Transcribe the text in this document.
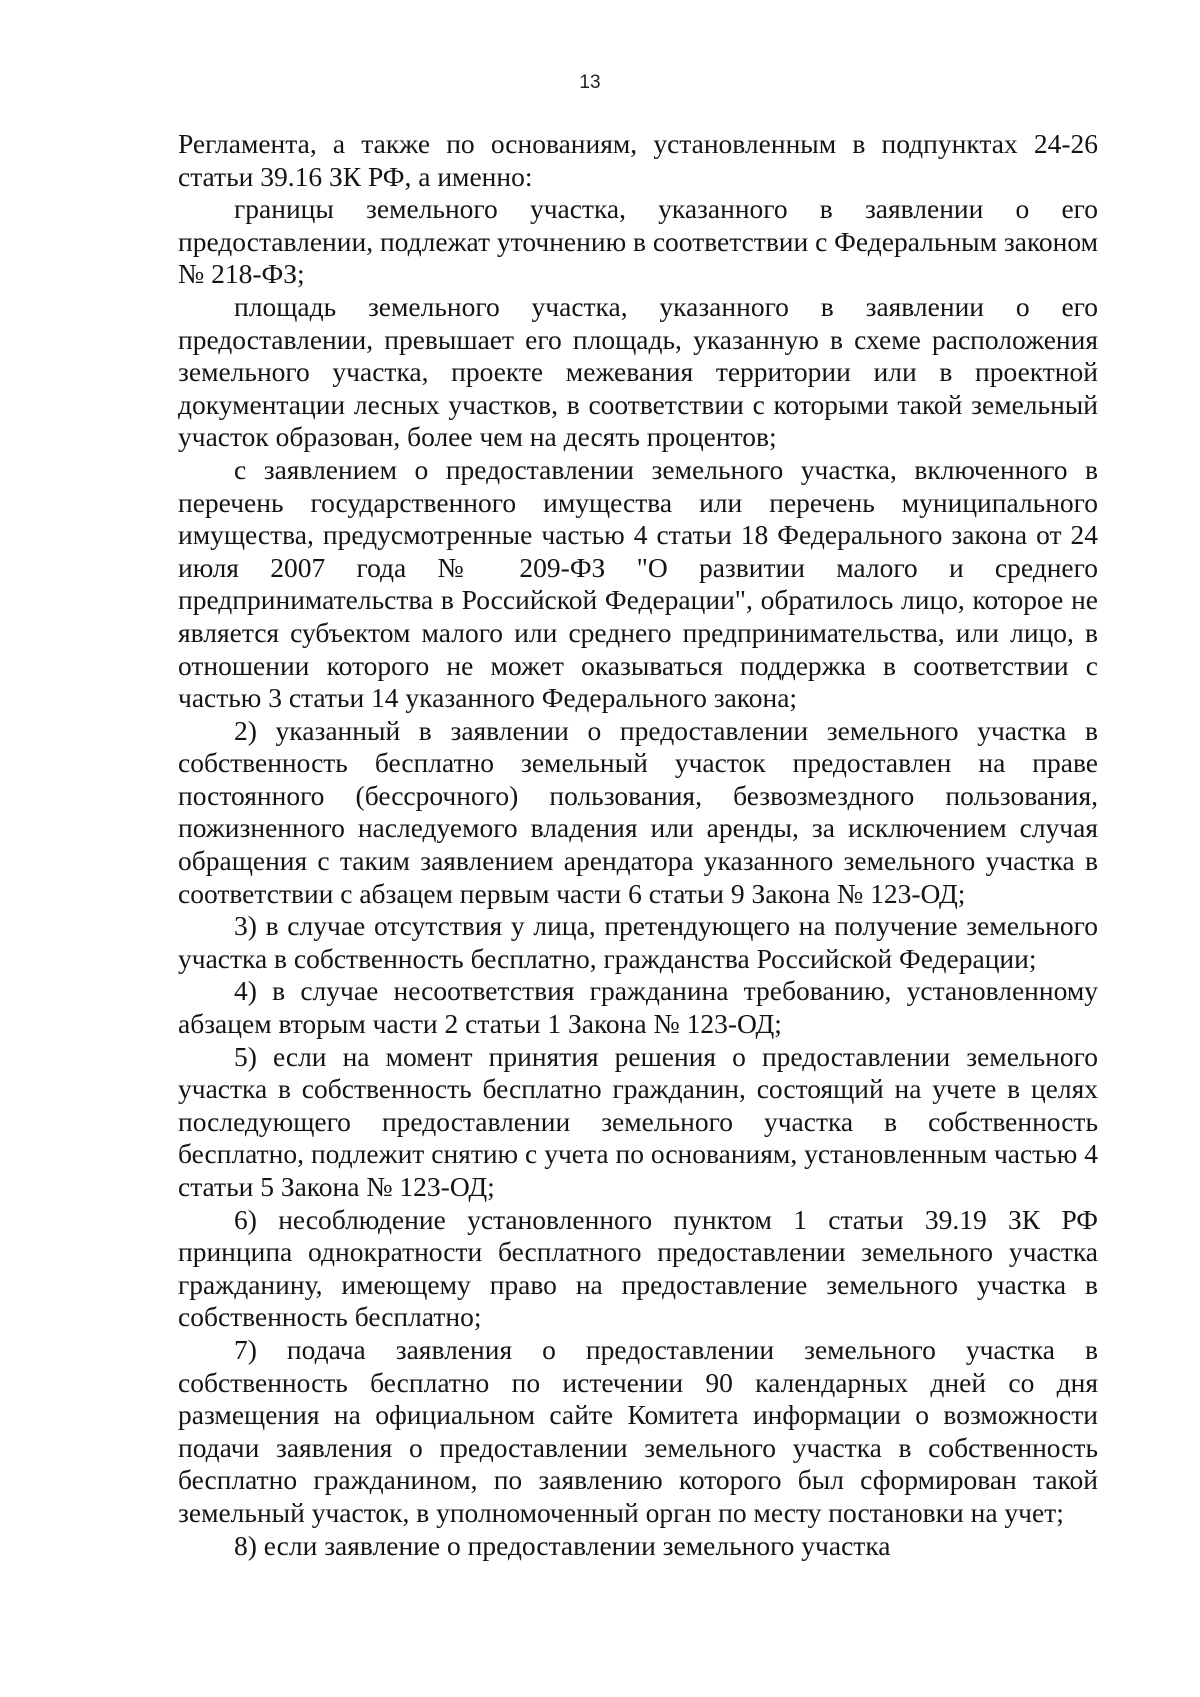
13

Регламента, а также по основаниям, установленным в подпунктах 24-26 статьи 39.16 ЗК РФ, а именно:

границы земельного участка, указанного в заявлении о его предоставлении, подлежат уточнению в соответствии с Федеральным законом № 218-ФЗ;

площадь земельного участка, указанного в заявлении о его предоставлении, превышает его площадь, указанную в схеме расположения земельного участка, проекте межевания территории или в проектной документации лесных участков, в соответствии с которыми такой земельный участок образован, более чем на десять процентов;

с заявлением о предоставлении земельного участка, включенного в перечень государственного имущества или перечень муниципального имущества, предусмотренные частью 4 статьи 18 Федерального закона от 24 июля 2007 года № 209-ФЗ "О развитии малого и среднего предпринимательства в Российской Федерации", обратилось лицо, которое не является субъектом малого или среднего предпринимательства, или лицо, в отношении которого не может оказываться поддержка в соответствии с частью 3 статьи 14 указанного Федерального закона;

2) указанный в заявлении о предоставлении земельного участка в собственность бесплатно земельный участок предоставлен на праве постоянного (бессрочного) пользования, безвозмездного пользования, пожизненного наследуемого владения или аренды, за исключением случая обращения с таким заявлением арендатора указанного земельного участка в соответствии с абзацем первым части 6 статьи 9 Закона № 123-ОД;

3) в случае отсутствия у лица, претендующего на получение земельного участка в собственность бесплатно, гражданства Российской Федерации;

4) в случае несоответствия гражданина требованию, установленному абзацем вторым части 2 статьи 1 Закона № 123-ОД;

5) если на момент принятия решения о предоставлении земельного участка в собственность бесплатно гражданин, состоящий на учете в целях последующего предоставлении земельного участка в собственность бесплатно, подлежит снятию с учета по основаниям, установленным частью 4 статьи 5 Закона № 123-ОД;

6) несоблюдение установленного пунктом 1 статьи 39.19 ЗК РФ принципа однократности бесплатного предоставлении земельного участка гражданину, имеющему право на предоставление земельного участка в собственность бесплатно;

7) подача заявления о предоставлении земельного участка в собственность бесплатно по истечении 90 календарных дней со дня размещения на официальном сайте Комитета информации о возможности подачи заявления о предоставлении земельного участка в собственность бесплатно гражданином, по заявлению которого был сформирован такой земельный участок, в уполномоченный орган по месту постановки на учет;

8) если заявление о предоставлении земельного участка
